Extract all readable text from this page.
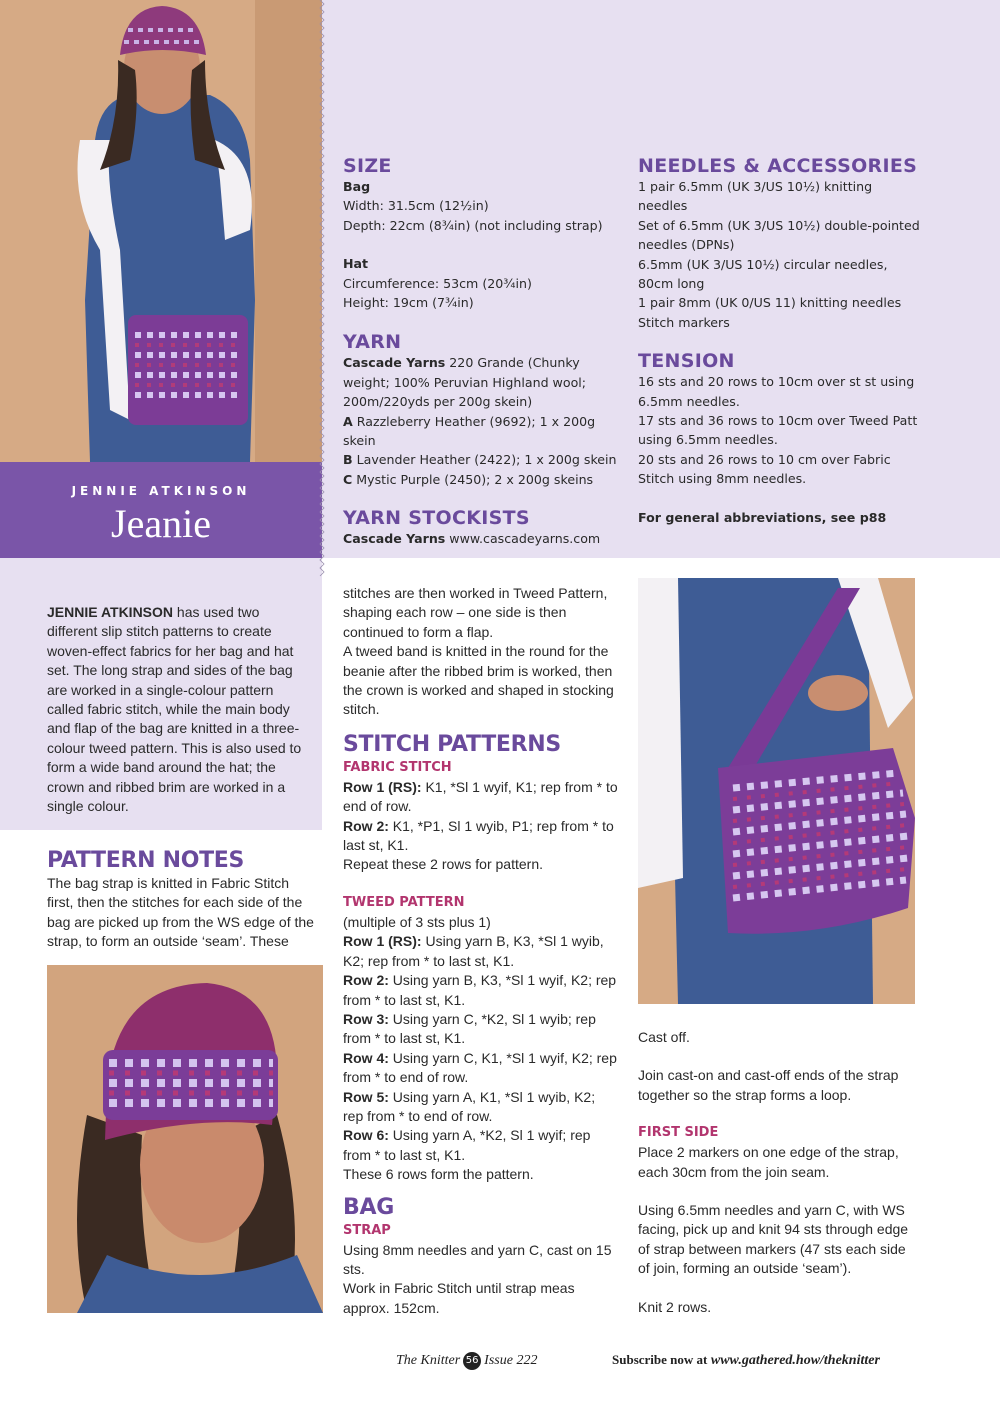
JENNIE ATKINSON
Jeanie
SIZE

Bag

Width: 31.5cm (12½in)

Depth: 22cm (8¾in) (not including strap)

Hat

Circumference: 53cm (20¾in)

Height: 19cm (7¾in)

YARN

Cascade Yarns 220 Grande (Chunky weight; 100% Peruvian Highland wool; 200m/220yds per 200g skein)

A Razzleberry Heather (9692); 1 x 200g skein

B Lavender Heather (2422); 1 x 200g skein

C Mystic Purple (2450); 2 x 200g skeins

YARN STOCKISTS

Cascade Yarns www.cascadeyarns.com

NEEDLES & ACCESSORIES

1 pair 6.5mm (UK 3/US 10½) knitting needles

Set of 6.5mm (UK 3/US 10½) double-pointed needles (DPNs)

6.5mm (UK 3/US 10½) circular needles, 80cm long

1 pair 8mm (UK 0/US 11) knitting needles

Stitch markers

TENSION

16 sts and 20 rows to 10cm over st st using 6.5mm needles.

17 sts and 36 rows to 10cm over Tweed Patt using 6.5mm needles.

20 sts and 26 rows to 10 cm over Fabric Stitch using 8mm needles.

For general abbreviations, see p88

JENNIE ATKINSON has used two different slip stitch patterns to create woven-effect fabrics for her bag and hat set. The long strap and sides of the bag are worked in a single-colour pattern called fabric stitch, while the main body and flap of the bag are knitted in a three-colour tweed pattern. This is also used to form a wide band around the hat; the crown and ribbed brim are worked in a single colour.

PATTERN NOTES

The bag strap is knitted in Fabric Stitch first, then the stitches for each side of the bag are picked up from the WS edge of the strap, to form an outside ‘seam’. These

stitches are then worked in Tweed Pattern, shaping each row – one side is then continued to form a flap.

A tweed band is knitted in the round for the beanie after the ribbed brim is worked, then the crown is worked and shaped in stocking stitch.

STITCH PATTERNS
FABRIC STITCH

Row 1 (RS): K1, *Sl 1 wyif, K1; rep from * to end of row.

Row 2: K1, *P1, Sl 1 wyib, P1; rep from * to last st, K1.

Repeat these 2 rows for pattern.

TWEED PATTERN

(multiple of 3 sts plus 1)

Row 1 (RS): Using yarn B, K3, *Sl 1 wyib, K2; rep from * to last st, K1.

Row 2: Using yarn B, K3, *Sl 1 wyif, K2; rep from * to last st, K1.

Row 3: Using yarn C, *K2, Sl 1 wyib; rep from * to last st, K1.

Row 4: Using yarn C, K1, *Sl 1 wyif, K2; rep from * to end of row.

Row 5: Using yarn A, K1, *Sl 1 wyib, K2; rep from * to end of row.

Row 6: Using yarn A, *K2, Sl 1 wyif; rep from * to last st, K1.

These 6 rows form the pattern.

BAG
STRAP

Using 8mm needles and yarn C, cast on 15 sts.

Work in Fabric Stitch until strap meas approx. 152cm.

Cast off.

Join cast-on and cast-off ends of the strap together so the strap forms a loop.

FIRST SIDE

Place 2 markers on one edge of the strap, each 30cm from the join seam.

Using 6.5mm needles and yarn C, with WS facing, pick up and knit 94 sts through edge of strap between markers (47 sts each side of join, forming an outside ‘seam’).

Knit 2 rows.

The Knitter 56 Issue 222	Subscribe now at www.gathered.how/theknitter
